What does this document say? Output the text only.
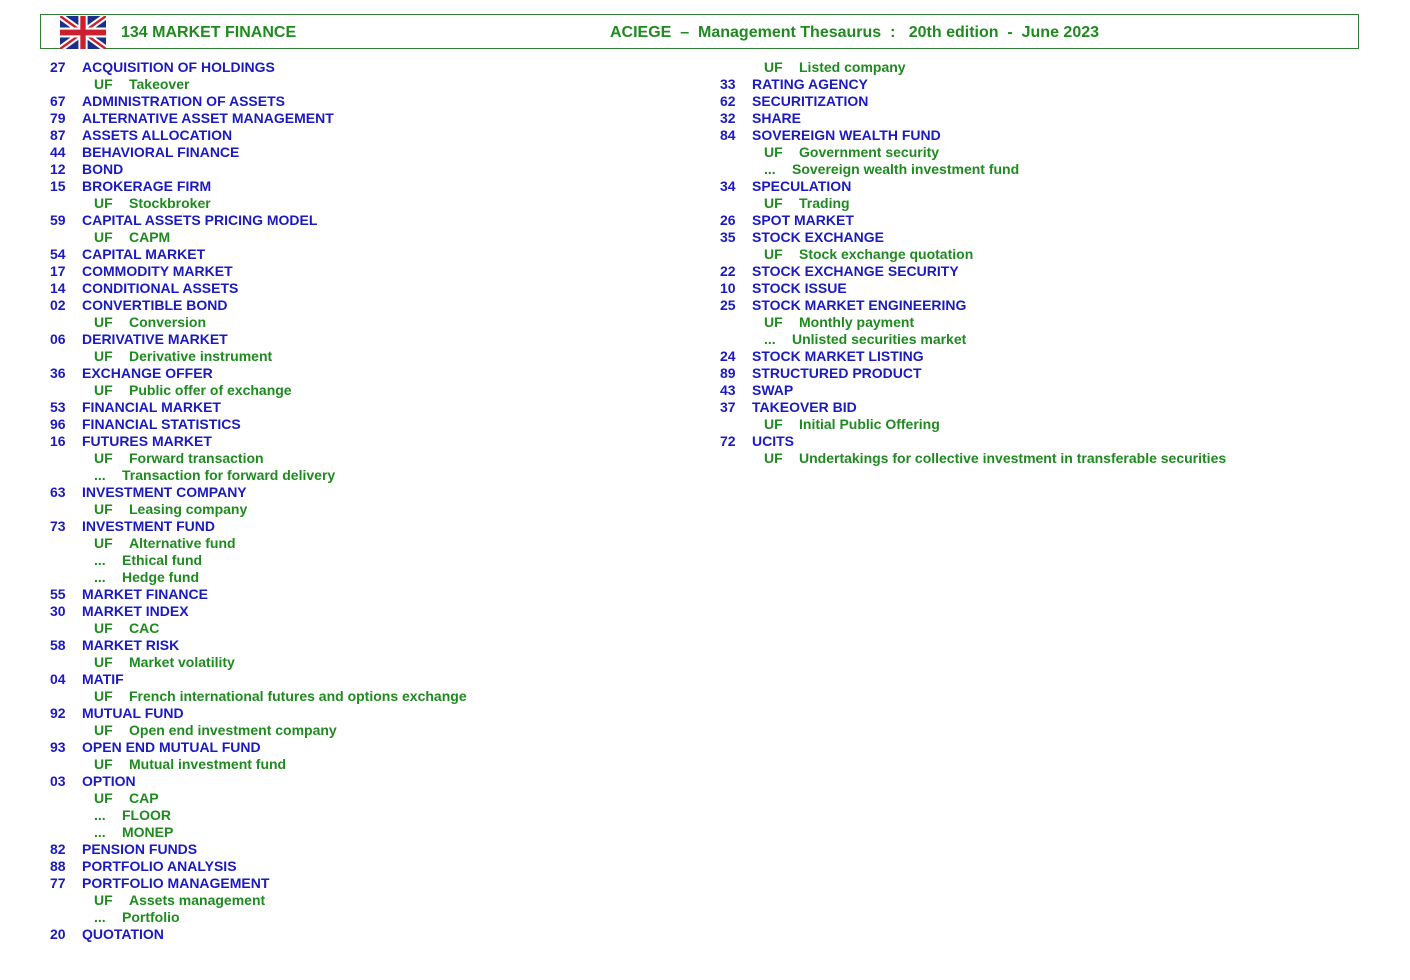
134 MARKET FINANCE	ACIEGE  –  Management Thesaurus  :   20th edition  -  June 2023
27 ACQUISITION OF HOLDINGS
UF Takeover
67 ADMINISTRATION OF ASSETS
79 ALTERNATIVE ASSET MANAGEMENT
87 ASSETS ALLOCATION
44 BEHAVIORAL FINANCE
12 BOND
15 BROKERAGE FIRM
UF Stockbroker
59 CAPITAL ASSETS PRICING MODEL
UF CAPM
54 CAPITAL MARKET
17 COMMODITY MARKET
14 CONDITIONAL ASSETS
02 CONVERTIBLE BOND
UF Conversion
06 DERIVATIVE MARKET
UF Derivative instrument
36 EXCHANGE OFFER
UF Public offer of exchange
53 FINANCIAL MARKET
96 FINANCIAL STATISTICS
16 FUTURES MARKET
UF Forward transaction
... Transaction for forward delivery
63 INVESTMENT COMPANY
UF Leasing company
73 INVESTMENT FUND
UF Alternative fund
... Ethical fund
... Hedge fund
55 MARKET FINANCE
30 MARKET INDEX
UF CAC
58 MARKET RISK
UF Market volatility
04 MATIF
UF French international futures and options exchange
92 MUTUAL FUND
UF Open end investment company
93 OPEN END MUTUAL FUND
UF Mutual investment fund
03 OPTION
UF CAP
... FLOOR
... MONEP
82 PENSION FUNDS
88 PORTFOLIO ANALYSIS
77 PORTFOLIO MANAGEMENT
UF Assets management
... Portfolio
20 QUOTATION
UF Listed company
33 RATING AGENCY
62 SECURITIZATION
32 SHARE
84 SOVEREIGN WEALTH FUND
UF Government security
... Sovereign wealth investment fund
34 SPECULATION
UF Trading
26 SPOT MARKET
35 STOCK EXCHANGE
UF Stock exchange quotation
22 STOCK EXCHANGE SECURITY
10 STOCK ISSUE
25 STOCK MARKET ENGINEERING
UF Monthly payment
... Unlisted securities market
24 STOCK MARKET LISTING
89 STRUCTURED PRODUCT
43 SWAP
37 TAKEOVER BID
UF Initial Public Offering
72 UCITS
UF Undertakings for collective investment in transferable securities
